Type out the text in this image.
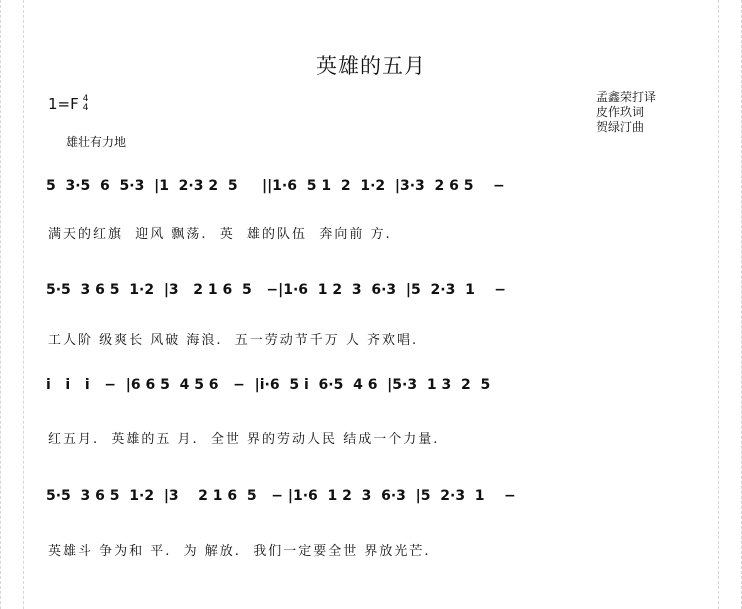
英雄的五月
1=F 4
4
孟鑫荣打译
皮作玖词
贺绿汀曲
雄壮有力地
5  3·5  6  5·3  |1  2·3 2  5     ||1·6  5 1  2  1·2  |3·3  2 6 5    −
满天的红旗  迎风 飘荡.  英  雄的队伍  奔向前 方.
5·5  3 6 5  1·2  |3   2 1 6  5   −|1·6  1 2  3  6·3  |5  2·3  1    −
工人阶 级爽长 风破 海浪.  五一劳动节千万 人 齐欢唱.
i   i   i   −  |6 6 5  4 5 6   −  |i·6  5 i  6·5  4 6  |5·3  1 3  2  5
红五月.  英雄的五 月.  全世 界的劳动人民 结成一个力量.
5·5  3 6 5  1·2  |3    2 1 6  5   − |1·6  1 2  3  6·3  |5  2·3  1    −
英雄斗 争为和 平.  为 解放.  我们一定要全世 界放光芒.
